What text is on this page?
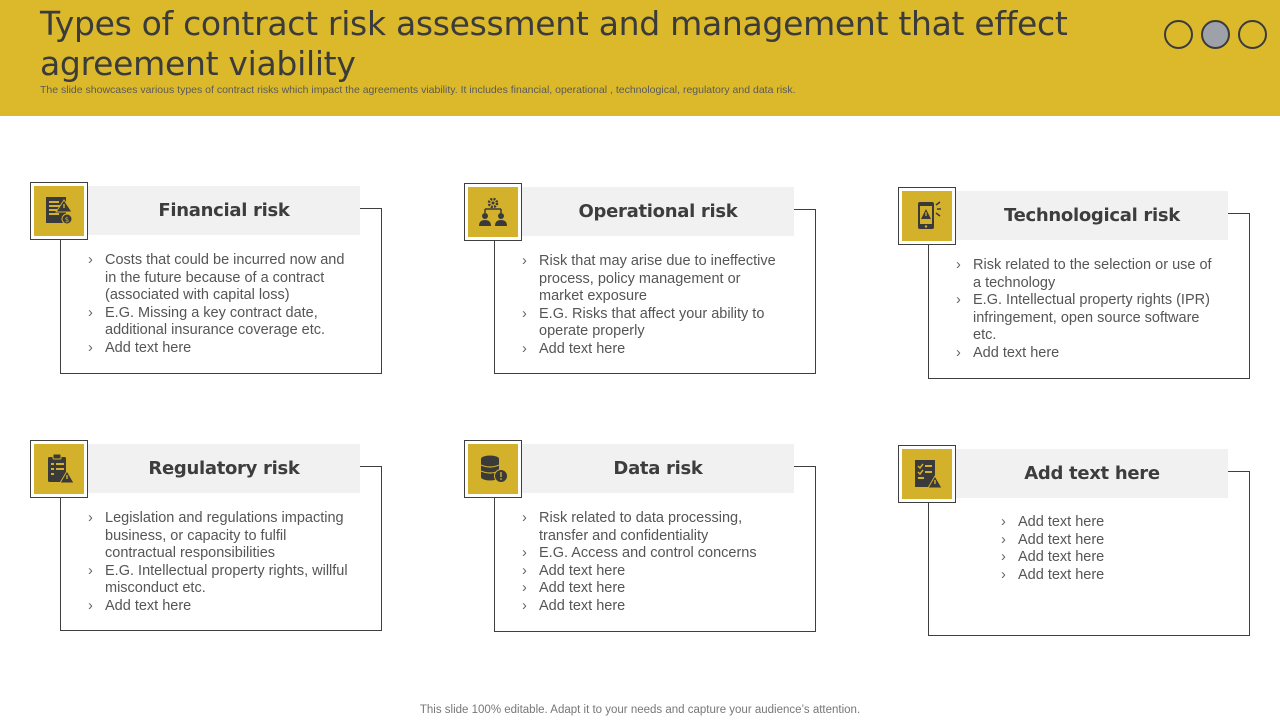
Types of contract risk assessment and management that effect agreement viability
The slide showcases various types of contract risks which impact the agreements viability. It includes financial, operational , technological, regulatory and data risk.
Financial risk
$
› Costs that could be incurred now and in the future because of a contract (associated with capital loss)
› E.G. Missing a key contract date, additional insurance coverage etc.
› Add text here
Operational risk
› Risk that may arise due to ineffective process, policy management or market exposure
› E.G. Risks that affect your ability to operate properly
› Add text here
Technological risk
› Risk related to the selection or use of a technology
› E.G. Intellectual property rights (IPR) infringement, open source software etc.
› Add text here
Regulatory risk
› Legislation and regulations impacting business, or capacity to fulfil contractual responsibilities
› E.G. Intellectual property rights, willful misconduct etc.
› Add text here
Data risk
› Risk related to data processing, transfer and confidentiality
› E.G. Access and control concerns
› Add text here
› Add text here
› Add text here
Add text here
› Add text here
› Add text here
› Add text here
› Add text here
This slide 100% editable. Adapt it to your needs and capture your audience’s attention.
